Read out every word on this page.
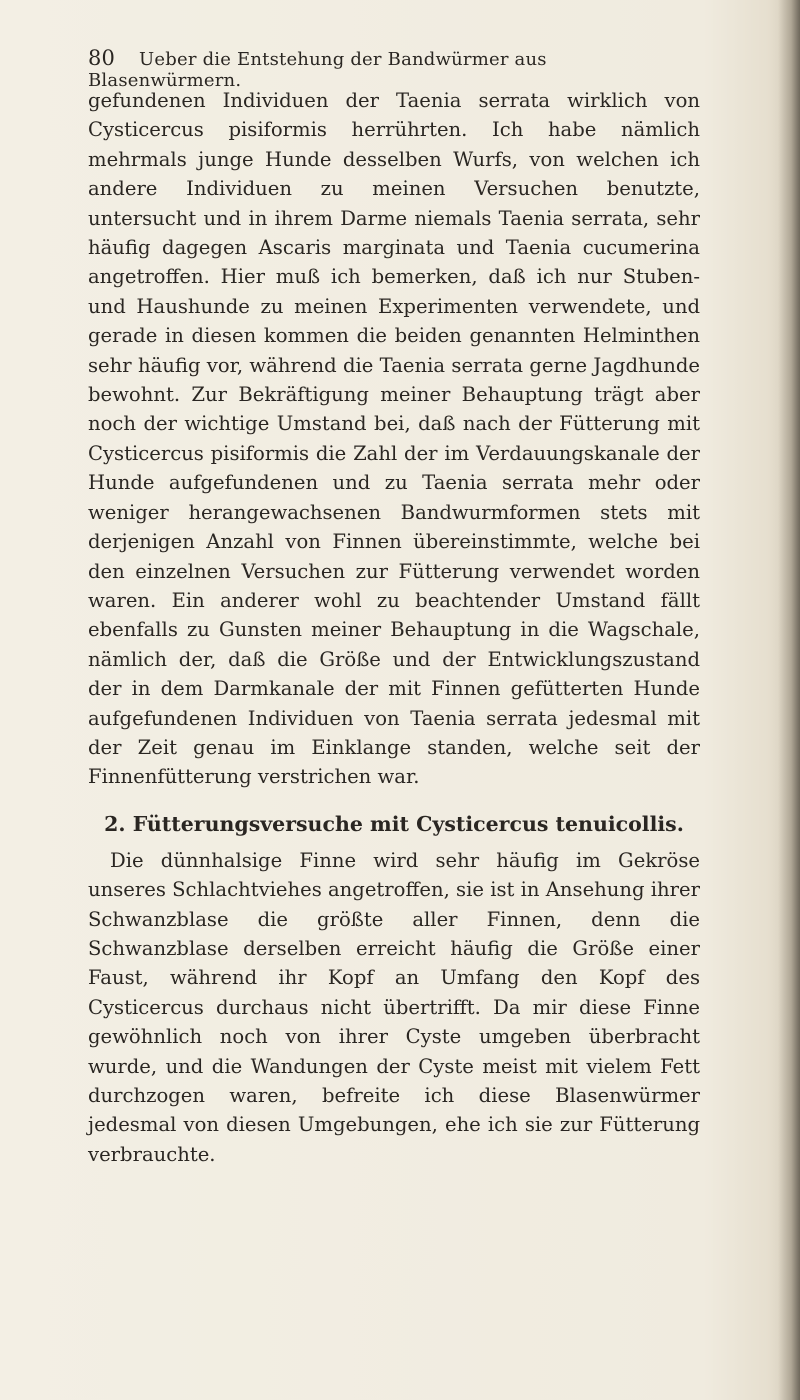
80 Ueber die Entstehung der Bandwürmer aus Blasenwürmern.

gefundenen Individuen der Taenia serrata wirklich von Cysticercus pisiformis herrührten. Ich habe nämlich mehrmals junge Hunde desselben Wurfs, von welchen ich andere Individuen zu meinen Versuchen benutzte, untersucht und in ihrem Darme niemals Taenia serrata, sehr häufig dagegen Ascaris marginata und Taenia cucumerina angetroffen. Hier muß ich bemerken, daß ich nur Stuben- und Haushunde zu meinen Experimenten verwendete, und gerade in diesen kommen die beiden genannten Helminthen sehr häufig vor, während die Taenia serrata gerne Jagdhunde bewohnt. Zur Bekräftigung meiner Behauptung trägt aber noch der wichtige Umstand bei, daß nach der Fütterung mit Cysticercus pisiformis die Zahl der im Verdauungskanale der Hunde aufgefundenen und zu Taenia serrata mehr oder weniger herangewachsenen Bandwurmformen stets mit derjenigen Anzahl von Finnen übereinstimmte, welche bei den einzelnen Versuchen zur Fütterung verwendet worden waren. Ein anderer wohl zu beachtender Umstand fällt ebenfalls zu Gunsten meiner Behauptung in die Wagschale, nämlich der, daß die Größe und der Entwicklungszustand der in dem Darmkanale der mit Finnen gefütterten Hunde aufgefundenen Individuen von Taenia serrata jedesmal mit der Zeit genau im Einklange standen, welche seit der Finnenfütterung verstrichen war.

2. Fütterungsversuche mit Cysticercus tenuicollis.

Die dünnhalsige Finne wird sehr häufig im Gekröse unseres Schlachtviehes angetroffen, sie ist in Ansehung ihrer Schwanzblase die größte aller Finnen, denn die Schwanzblase derselben erreicht häufig die Größe einer Faust, während ihr Kopf an Umfang den Kopf des Cysticercus durchaus nicht übertrifft. Da mir diese Finne gewöhnlich noch von ihrer Cyste umgeben überbracht wurde, und die Wandungen der Cyste meist mit vielem Fett durchzogen waren, befreite ich diese Blasenwürmer jedesmal von diesen Umgebungen, ehe ich sie zur Fütterung verbrauchte.
